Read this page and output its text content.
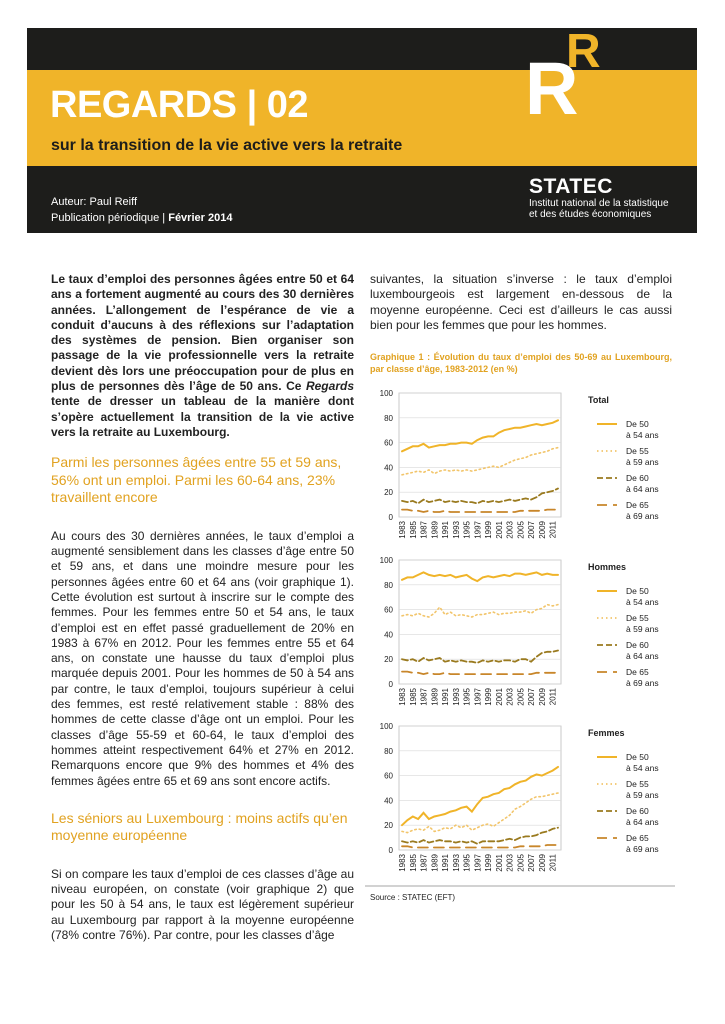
REGARDS | 02
sur la transition de la vie active vers la retraite
R
R
Auteur: Paul Reiff
Publication périodique | Février 2014
STATEC
Institut national de la statistique
et des études économiques

Le taux d’emploi des personnes âgées entre 50 et 64 ans a fortement augmenté au cours des 30 dernières années. L’allongement de l’espérance de vie a conduit d’aucuns à des réflexions sur l’adaptation des systèmes de pension. Bien organiser son passage de la vie professionnelle vers la retraite devient dès lors une préoccupation pour de plus en plus de personnes dès l’âge de 50 ans. Ce Regards tente de dresser un tableau de la manière dont s’opère actuellement la transition de la vie active vers la retraite au Luxembourg.

Parmi les personnes âgées entre 55 et 59 ans, 56% ont un emploi. Parmi les 60-64 ans, 23% travaillent encore

Au cours des 30 dernières années, le taux d’emploi a augmenté sensiblement dans les classes d’âge entre 50 et 59 ans, et dans une moindre mesure pour les personnes âgées entre 60 et 64 ans (voir graphique 1). Cette évolution est surtout à inscrire sur le compte des femmes. Pour les femmes entre 50 et 54 ans, le taux d’emploi est en effet passé graduellement de 20% en 1983 à 67% en 2012. Pour les femmes entre 55 et 64 ans, on constate une hausse du taux d’emploi plus marquée depuis 2001. Pour les hommes de 50 à 54 ans par contre, le taux d’emploi, toujours supérieur à celui des femmes, est resté relativement stable : 88% des hommes de cette classe d’âge ont un emploi. Pour les classes d’âge 55-59 et 60-64, le taux d’emploi des hommes atteint respectivement 64% et 27% en 2012. Remarquons encore que 9% des hommes et 4% des femmes âgées entre 65 et 69 ans sont encore actifs.

Les séniors au Luxembourg : moins actifs qu’en moyenne européenne

Si on compare les taux d’emploi de ces classes d’âge au niveau européen, on constate (voir graphique 2) que pour les 50 à 54 ans, le taux est légèrement supérieur au Luxembourg par rapport à la moyenne européenne (78% contre 76%). Par contre, pour les classes d’âge

suivantes, la situation s’inverse : le taux d’emploi luxembourgeois est largement en-dessous de la moyenne européenne. Ceci est d’ailleurs le cas aussi bien pour les femmes que pour les hommes.

Graphique 1 : Évolution du taux d’emploi des 50-69 au Luxembourg, par classe d’âge, 1983-2012 (en %)
0
20
40
60
80
100
1983 1985 1987 1989 1991 1993 1995 1997 1999 2001 2003 2005 2007 2009 2011
Total
De 50
à 54 ans
De 55
à 59 ans
De 60
à 64 ans
De 65
à 69 ans
0
20
40
60
80
100
1983 1985 1987 1989 1991 1993 1995 1997 1999 2001 2003 2005 2007 2009 2011
Hommes
De 50
à 54 ans
De 55
à 59 ans
De 60
à 64 ans
De 65
à 69 ans
0
20
40
60
80
100
1983 1985 1987 1989 1991 1993 1995 1997 1999 2001 2003 2005 2007 2009 2011
Femmes
De 50
à 54 ans
De 55
à 59 ans
De 60
à 64 ans
De 65
à 69 ans
Source : STATEC (EFT)
